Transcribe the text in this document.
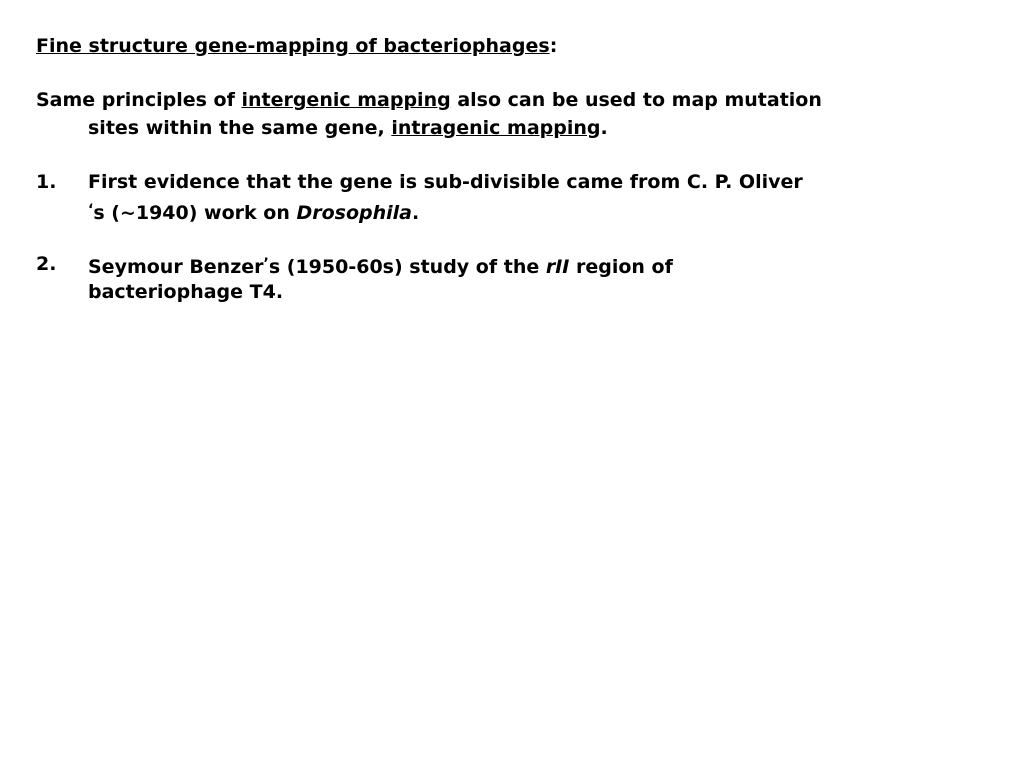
Fine structure gene-mapping of bacteriophages:
Same principles of intergenic mapping also can be used to map mutation
sites within the same gene, intragenic mapping.
1. First evidence that the gene is sub-divisible came from C. P. Oliver
‘s (~1940) work on Drosophila.
2. Seymour Benzer’s (1950-60s) study of the rII region of
bacteriophage T4.
